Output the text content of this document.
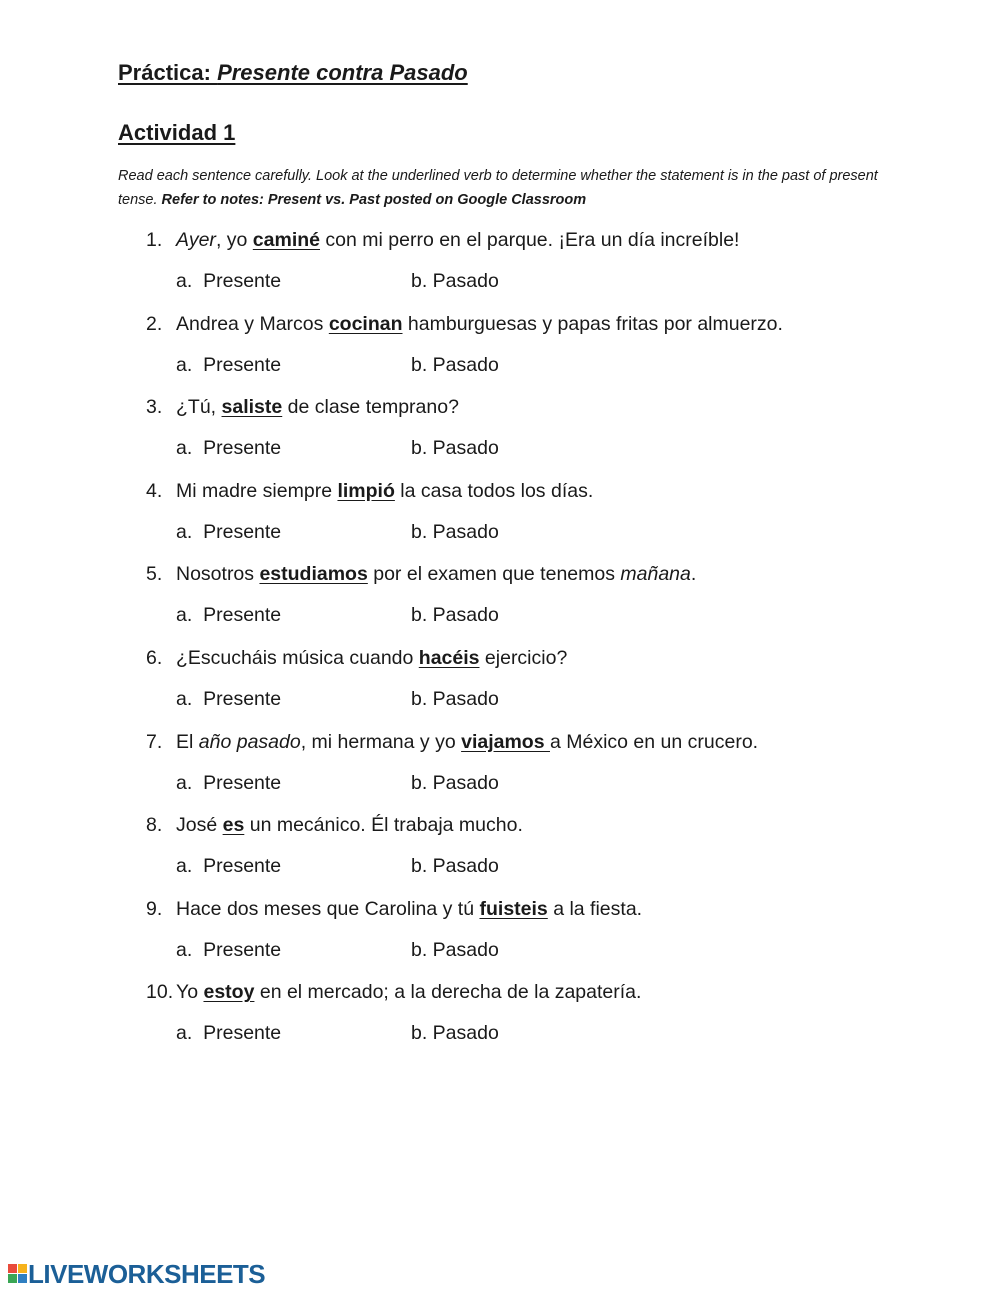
Práctica: Presente contra Pasado
Actividad 1

Read each sentence carefully. Look at the underlined verb to determine whether the statement is in the past of present tense. Refer to notes: Present vs. Past posted on Google Classroom

1. Ayer, yo caminé con mi perro en el parque. ¡Era un día increíble!
a.  Presente	b. Pasado
2. Andrea y Marcos cocinan hamburguesas y papas fritas por almuerzo.
a.  Presente	b. Pasado
3. ¿Tú, saliste de clase temprano?
a.  Presente	b. Pasado
4. Mi madre siempre limpió la casa todos los días.
a.  Presente	b. Pasado
5. Nosotros estudiamos por el examen que tenemos mañana.
a.  Presente	b. Pasado
6. ¿Escucháis música cuando hacéis ejercicio?
a.  Presente	b. Pasado
7. El año pasado, mi hermana y yo viajamos a México en un crucero.
a.  Presente	b. Pasado
8. José es un mecánico. Él trabaja mucho.
a.  Presente	b. Pasado
9. Hace dos meses que Carolina y tú fuisteis a la fiesta.
a.  Presente	b. Pasado
10. Yo estoy en el mercado; a la derecha de la zapatería.
a.  Presente	b. Pasado
LIVEWORKSHEETS
